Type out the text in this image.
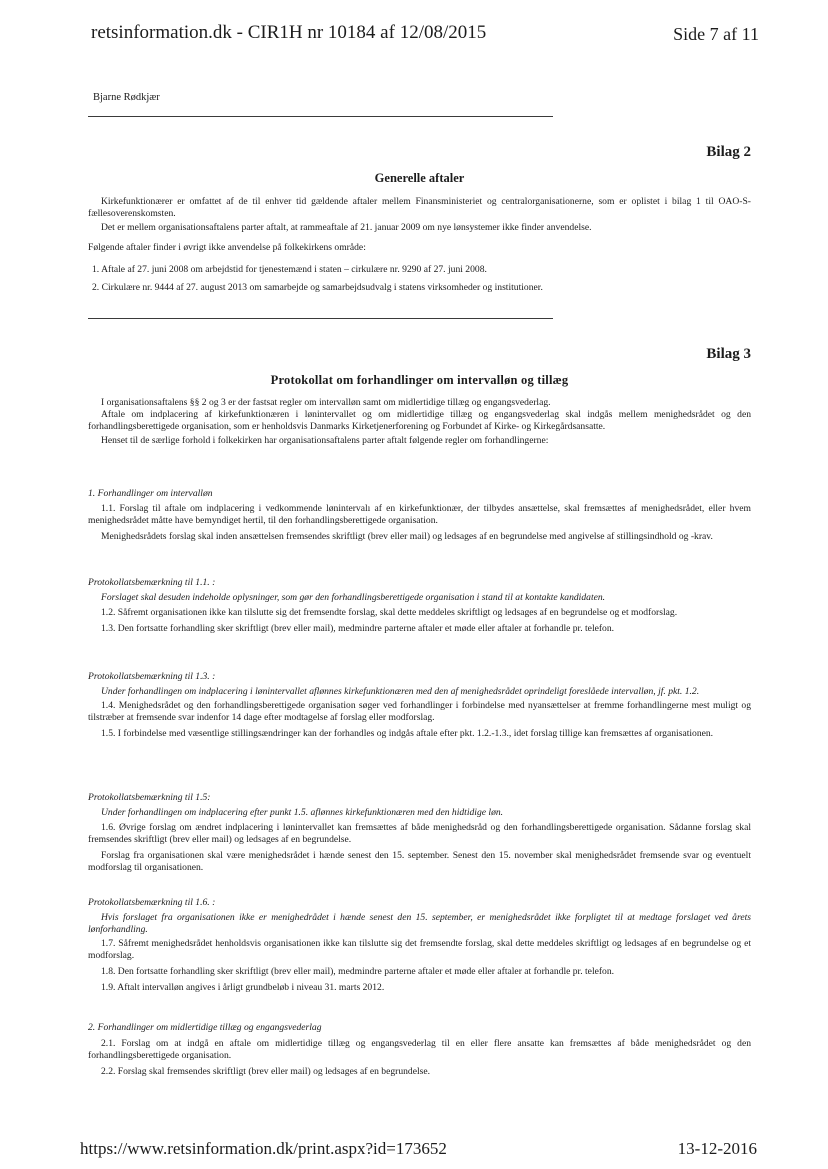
retsinformation.dk - CIR1H nr 10184 af 12/08/2015	Side 7 af 11
Bjarne Rødkjær
Bilag 2
Generelle aftaler

Kirkefunktionærer er omfattet af de til enhver tid gældende aftaler mellem Finansministeriet og centralorganisationerne, som er oplistet i bilag 1 til OAO-S-fællesoverenskomsten.

Det er mellem organisationsaftalens parter aftalt, at rammeaftale af 21. januar 2009 om nye lønsystemer ikke finder anvendelse.

Følgende aftaler finder i øvrigt ikke anvendelse på folkekirkens område:

1. Aftale af 27. juni 2008 om arbejdstid for tjenestemænd i staten – cirkulære nr. 9290 af 27. juni 2008.
2. Cirkulære nr. 9444 af 27. august 2013 om samarbejde og samarbejdsudvalg i statens virksomheder og institutioner.
Bilag 3
Protokollat om forhandlinger om intervalløn og tillæg

I organisationsaftalens §§ 2 og 3 er der fastsat regler om intervalløn samt om midlertidige tillæg og engangsvederlag.

Aftale om indplacering af kirkefunktionæren i lønintervallet og om midlertidige tillæg og engangsvederlag skal indgås mellem menighedsrådet og den forhandlingsberettigede organisation, som er henholdsvis Danmarks Kirketjenerforening og Forbundet af Kirke- og Kirkegårdsansatte.

Henset til de særlige forhold i folkekirken har organisationsaftalens parter aftalt følgende regler om forhandlingerne:

1. Forhandlinger om intervalløn

1.1. Forslag til aftale om indplacering i vedkommende lønintervalı af en kirkefunktionær, der tilbydes ansættelse, skal fremsættes af menighedsrådet, eller hvem menighedsrådet måtte have bemyndiget hertil, til den forhandlingsberettigede organisation.

Menighedsrådets forslag skal inden ansættelsen fremsendes skriftligt (brev eller mail) og ledsages af en begrundelse med angivelse af stillingsindhold og -krav.

Protokollatsbemærkning til 1.1. :

Forslaget skal desuden indeholde oplysninger, som gør den forhandlingsberettigede organisation i stand til at kontakte kandidaten.

1.2. Såfremt organisationen ikke kan tilslutte sig det fremsendte forslag, skal dette meddeles skriftligt og ledsages af en begrundelse og et modforslag.

1.3. Den fortsatte forhandling sker skriftligt (brev eller mail), medmindre parterne aftaler et møde eller aftaler at forhandle pr. telefon.

Protokollatsbemærkning til 1.3. :

Under forhandlingen om indplacering i lønintervallet aflønnes kirkefunktionæren med den af menighedsrådet oprindeligt foreslåede intervalløn, jf. pkt. 1.2.

1.4. Menighedsrådet og den forhandlingsberettigede organisation søger ved forhandlinger i forbindelse med nyansættelser at fremme forhandlingerne mest muligt og tilstræber at fremsende svar indenfor 14 dage efter modtagelse af forslag eller modforslag.

1.5. I forbindelse med væsentlige stillingsændringer kan der forhandles og indgås aftale efter pkt. 1.2.-1.3., idet forslag tillige kan fremsættes af organisationen.

Protokollatsbemærkning til 1.5:

Under forhandlingen om indplacering efter punkt 1.5. aflønnes kirkefunktionæren med den hidtidige løn.

1.6. Øvrige forslag om ændret indplacering i lønintervallet kan fremsættes af både menighedsråd og den forhandlingsberettigede organisation. Sådanne forslag skal fremsendes skriftligt (brev eller mail) og ledsages af en begrundelse.

Forslag fra organisationen skal være menighedsrådet i hænde senest den 15. september. Senest den 15. november skal menighedsrådet fremsende svar og eventuelt modforslag til organisationen.

Protokollatsbemærkning til 1.6. :

Hvis forslaget fra organisationen ikke er menighedrådet i hænde senest den 15. september, er menighedsrådet ikke forpligtet til at medtage forslaget ved årets lønforhandling.

1.7. Såfremt menighedsrådet henholdsvis organisationen ikke kan tilslutte sig det fremsendte forslag, skal dette meddeles skriftligt og ledsages af en begrundelse og et modforslag.

1.8. Den fortsatte forhandling sker skriftligt (brev eller mail), medmindre parterne aftaler et møde eller aftaler at forhandle pr. telefon.

1.9. Aftalt intervalløn angives i årligt grundbeløb i niveau 31. marts 2012.

2. Forhandlinger om midlertidige tillæg og engangsvederlag

2.1. Forslag om at indgå en aftale om midlertidige tillæg og engangsvederlag til en eller flere ansatte kan fremsættes af både menighedsrådet og den forhandlingsberettigede organisation.

2.2. Forslag skal fremsendes skriftligt (brev eller mail) og ledsages af en begrundelse.

https://www.retsinformation.dk/print.aspx?id=173652	13-12-2016
